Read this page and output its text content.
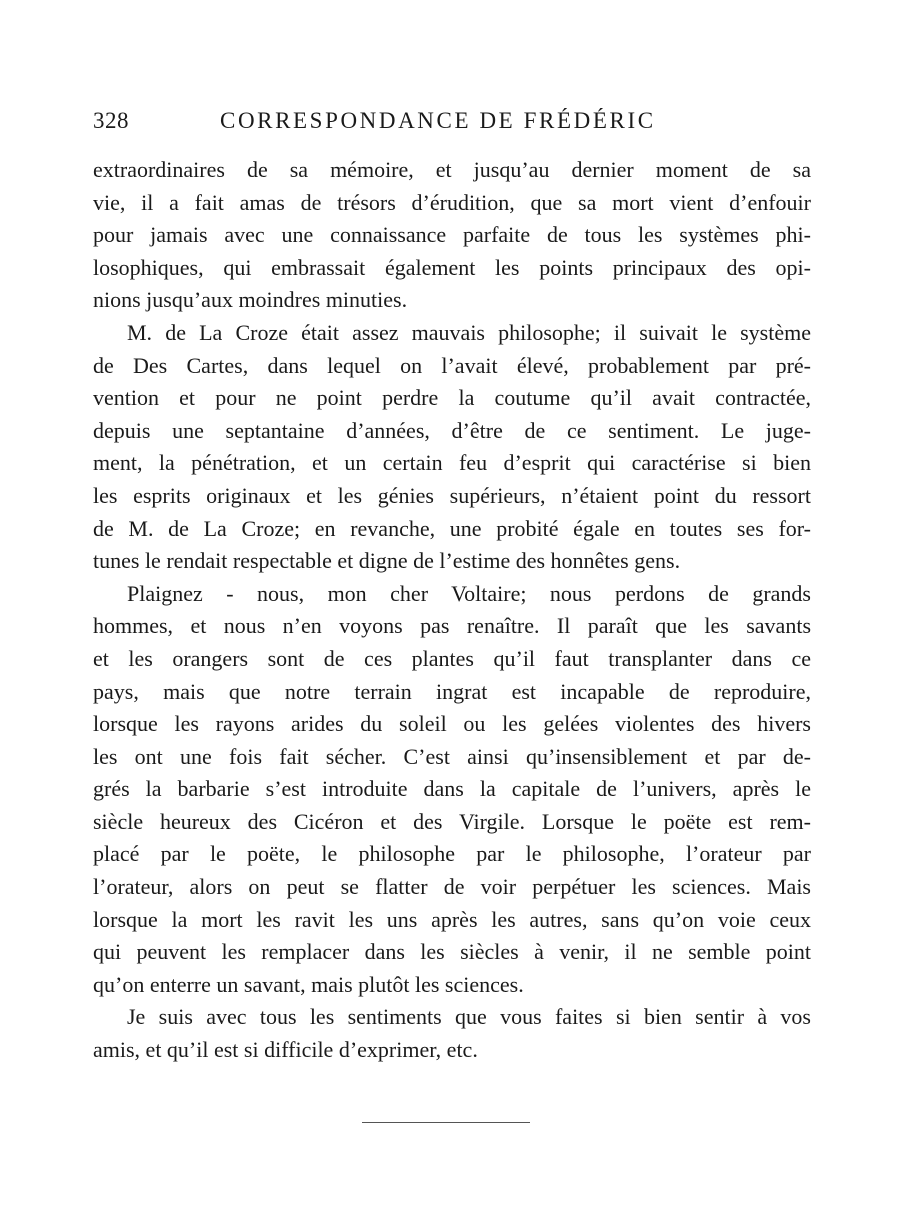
328	CORRESPONDANCE DE FRÉDÉRIC
extraordinaires de sa mémoire, et jusqu’au dernier moment de sa
vie, il a fait amas de trésors d’érudition, que sa mort vient d’enfouir
pour jamais avec une connaissance parfaite de tous les systèmes phi-
losophiques, qui embrassait également les points principaux des opi-
nions jusqu’aux moindres minuties.
M. de La Croze était assez mauvais philosophe; il suivait le système
de Des Cartes, dans lequel on l’avait élevé, probablement par pré-
vention et pour ne point perdre la coutume qu’il avait contractée,
depuis une septantaine d’années, d’être de ce sentiment. Le juge-
ment, la pénétration, et un certain feu d’esprit qui caractérise si bien
les esprits originaux et les génies supérieurs, n’étaient point du ressort
de M. de La Croze; en revanche, une probité égale en toutes ses for-
tunes le rendait respectable et digne de l’estime des honnêtes gens.
Plaignez - nous, mon cher Voltaire; nous perdons de grands
hommes, et nous n’en voyons pas renaître. Il paraît que les savants
et les orangers sont de ces plantes qu’il faut transplanter dans ce
pays, mais que notre terrain ingrat est incapable de reproduire,
lorsque les rayons arides du soleil ou les gelées violentes des hivers
les ont une fois fait sécher. C’est ainsi qu’insensiblement et par de-
grés la barbarie s’est introduite dans la capitale de l’univers, après le
siècle heureux des Cicéron et des Virgile. Lorsque le poëte est rem-
placé par le poëte, le philosophe par le philosophe, l’orateur par
l’orateur, alors on peut se flatter de voir perpétuer les sciences. Mais
lorsque la mort les ravit les uns après les autres, sans qu’on voie ceux
qui peuvent les remplacer dans les siècles à venir, il ne semble point
qu’on enterre un savant, mais plutôt les sciences.
Je suis avec tous les sentiments que vous faites si bien sentir à vos
amis, et qu’il est si difficile d’exprimer, etc.
